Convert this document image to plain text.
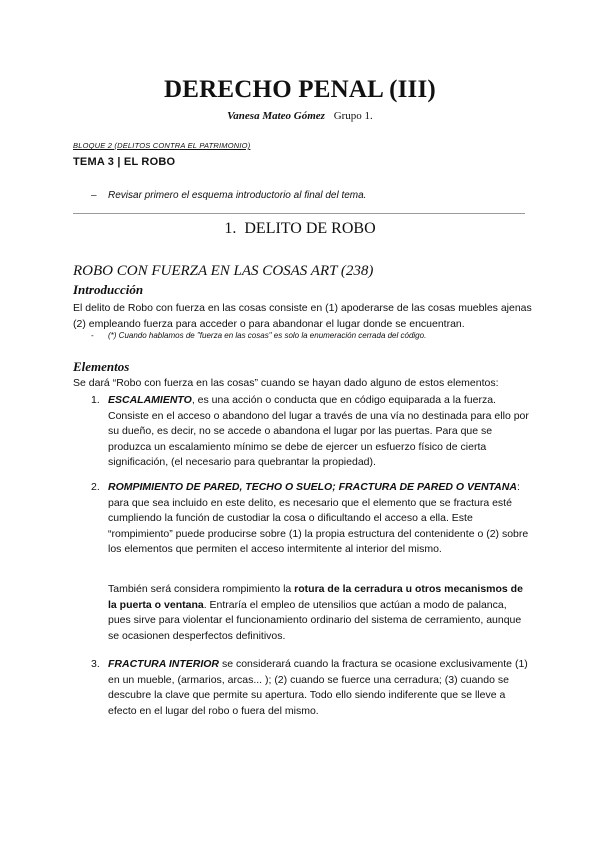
DERECHO PENAL (III)
Vanesa Mateo Gómez Grupo 1.
BLOQUE 2 (DELITOS CONTRA EL PATRIMONIO)
TEMA 3 | EL ROBO
– Revisar primero el esquema introductorio al final del tema.
1. DELITO DE ROBO
ROBO CON FUERZA EN LAS COSAS ART (238)
Introducción
El delito de Robo con fuerza en las cosas consiste en (1) apoderarse de las cosas muebles ajenas (2) empleando fuerza para acceder o para abandonar el lugar donde se encuentran.
- (*) Cuando hablamos de "fuerza en las cosas" es solo la enumeración cerrada del código.
Elementos
Se dará “Robo con fuerza en las cosas” cuando se hayan dado alguno de estos elementos:
1. ESCALAMIENTO, es una acción o conducta que en código equiparada a la fuerza. Consiste en el acceso o abandono del lugar a través de una vía no destinada para ello por su dueño, es decir, no se accede o abandona el lugar por las puertas. Para que se produzca un escalamiento mínimo se debe de ejercer un esfuerzo físico de cierta significación, (el necesario para quebrantar la propiedad).
2. ROMPIMIENTO DE PARED, TECHO O SUELO; FRACTURA DE PARED O VENTANA: para que sea incluido en este delito, es necesario que el elemento que se fractura esté cumpliendo la función de custodiar la cosa o dificultando el acceso a ella. Este “rompimiento” puede producirse sobre (1) la propia estructura del contenidente o (2) sobre los elementos que permiten el acceso intermitente al interior del mismo.
También será considera rompimiento la rotura de la cerradura u otros mecanismos de la puerta o ventana. Entraría el empleo de utensilios que actúan a modo de palanca, pues sirve para violentar el funcionamiento ordinario del sistema de cerramiento, aunque se ocasionen desperfectos definitivos.
3. FRACTURA INTERIOR se considerará cuando la fractura se ocasione exclusivamente (1) en un mueble, (armarios, arcas... ); (2) cuando se fuerce una cerradura; (3) cuando se descubre la clave que permite su apertura. Todo ello siendo indiferente que se lleve a efecto en el lugar del robo o fuera del mismo.
